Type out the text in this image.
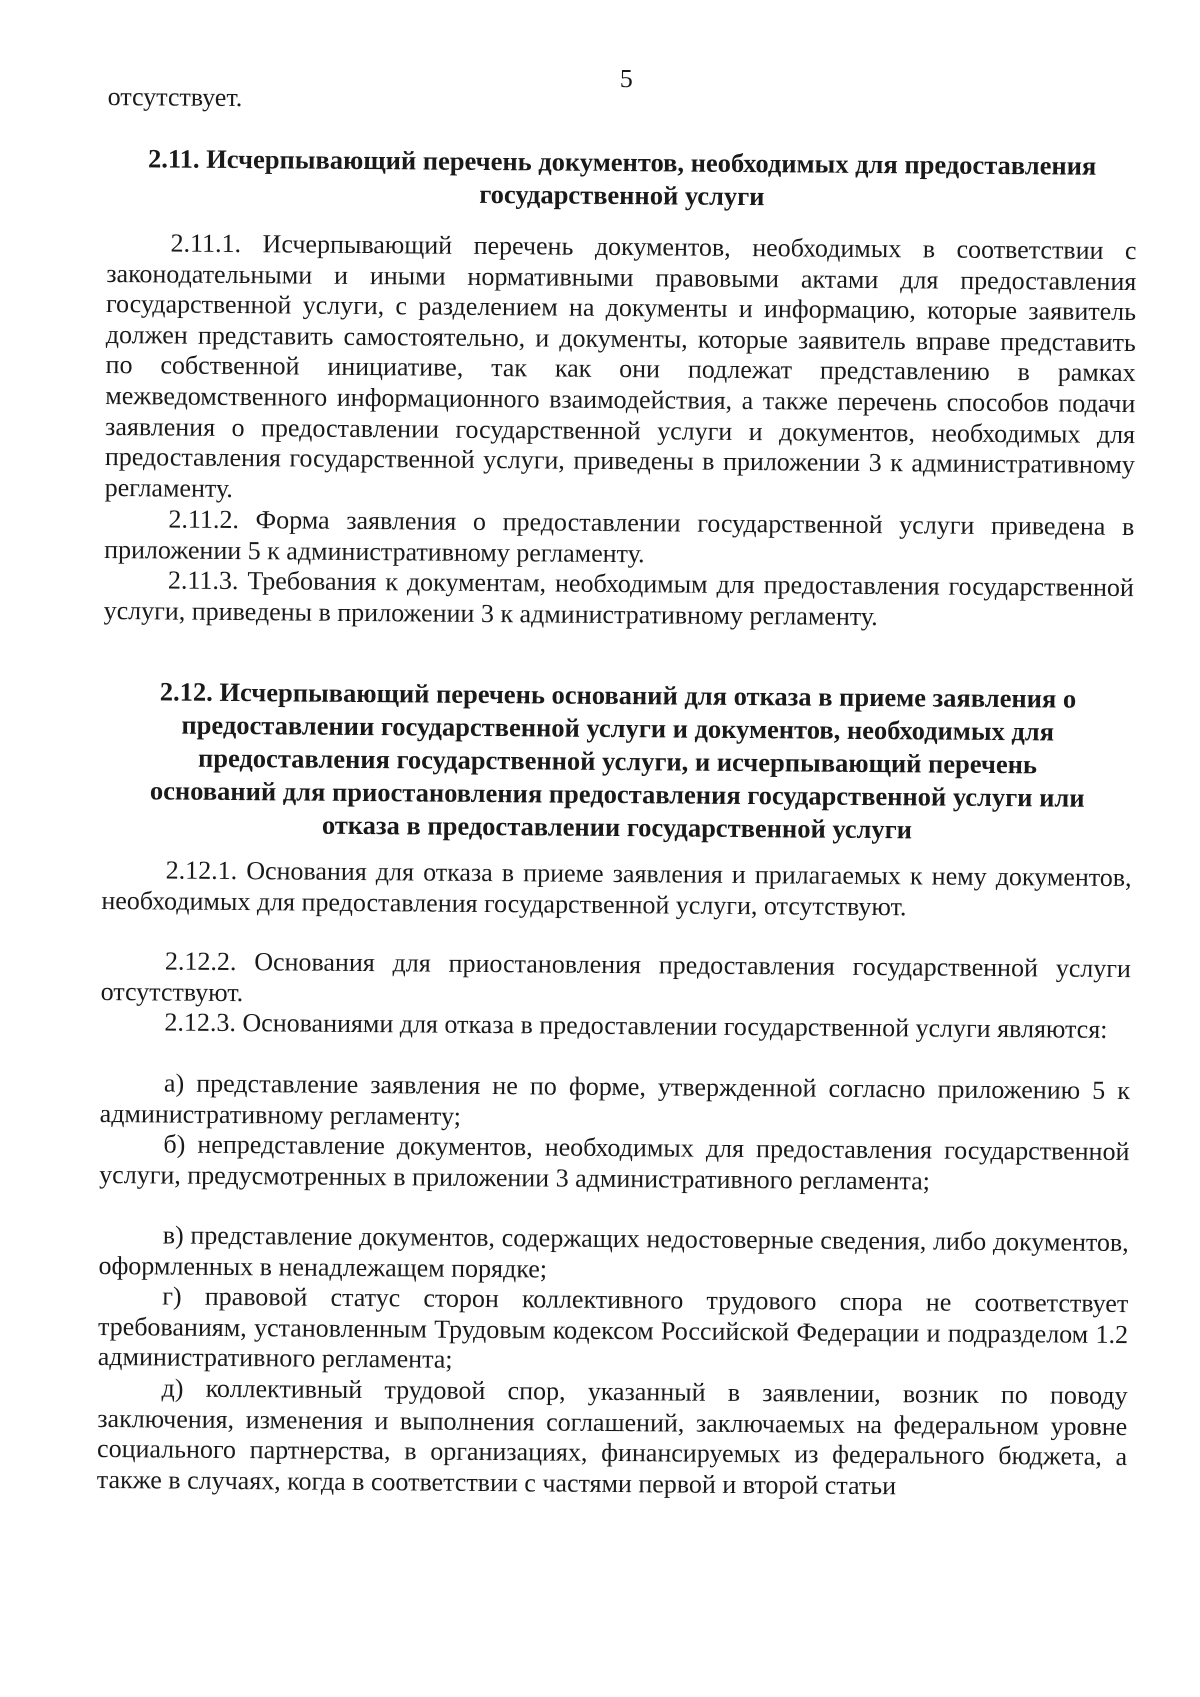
5
отсутствует.
2.11. Исчерпывающий перечень документов, необходимых для предоставления
государственной услуги

2.11.1. Исчерпывающий перечень документов, необходимых в соответствии с законодательными и иными нормативными правовыми актами для предоставления государственной услуги, с разделением на документы и информацию, которые заявитель должен представить самостоятельно, и документы, которые заявитель вправе представить по собственной инициативе, так как они подлежат представлению в рамках межведомственного информационного взаимодействия, а также перечень способов подачи заявления о предоставлении государственной услуги и документов, необходимых для предоставления государственной услуги, приведены в приложении 3 к административному регламенту.

2.11.2. Форма заявления о предоставлении государственной услуги приведена в приложении 5 к административному регламенту.

2.11.3. Требования к документам, необходимым для предоставления государственной услуги, приведены в приложении 3 к административному регламенту.

2.12. Исчерпывающий перечень оснований для отказа в приеме заявления о
предоставлении государственной услуги и документов, необходимых для
предоставления государственной услуги, и исчерпывающий перечень
оснований для приостановления предоставления государственной услуги или
отказа в предоставлении государственной услуги

2.12.1. Основания для отказа в приеме заявления и прилагаемых к нему документов, необходимых для предоставления государственной услуги, отсутствуют.

2.12.2. Основания для приостановления предоставления государственной услуги отсутствуют.

2.12.3. Основаниями для отказа в предоставлении государственной услуги являются:

а) представление заявления не по форме, утвержденной согласно приложению 5 к административному регламенту;

б) непредставление документов, необходимых для предоставления государственной услуги, предусмотренных в приложении 3 административного регламента;

в) представление документов, содержащих недостоверные сведения, либо документов, оформленных в ненадлежащем порядке;

г) правовой статус сторон коллективного трудового спора не соответствует требованиям, установленным Трудовым кодексом Российской Федерации и подразделом 1.2 административного регламента;

д) коллективный трудовой спор, указанный в заявлении, возник по поводу заключения, изменения и выполнения соглашений, заключаемых на федеральном уровне социального партнерства, в организациях, финансируемых из федерального бюджета, а также в случаях, когда в соответствии с частями первой и второй статьи
